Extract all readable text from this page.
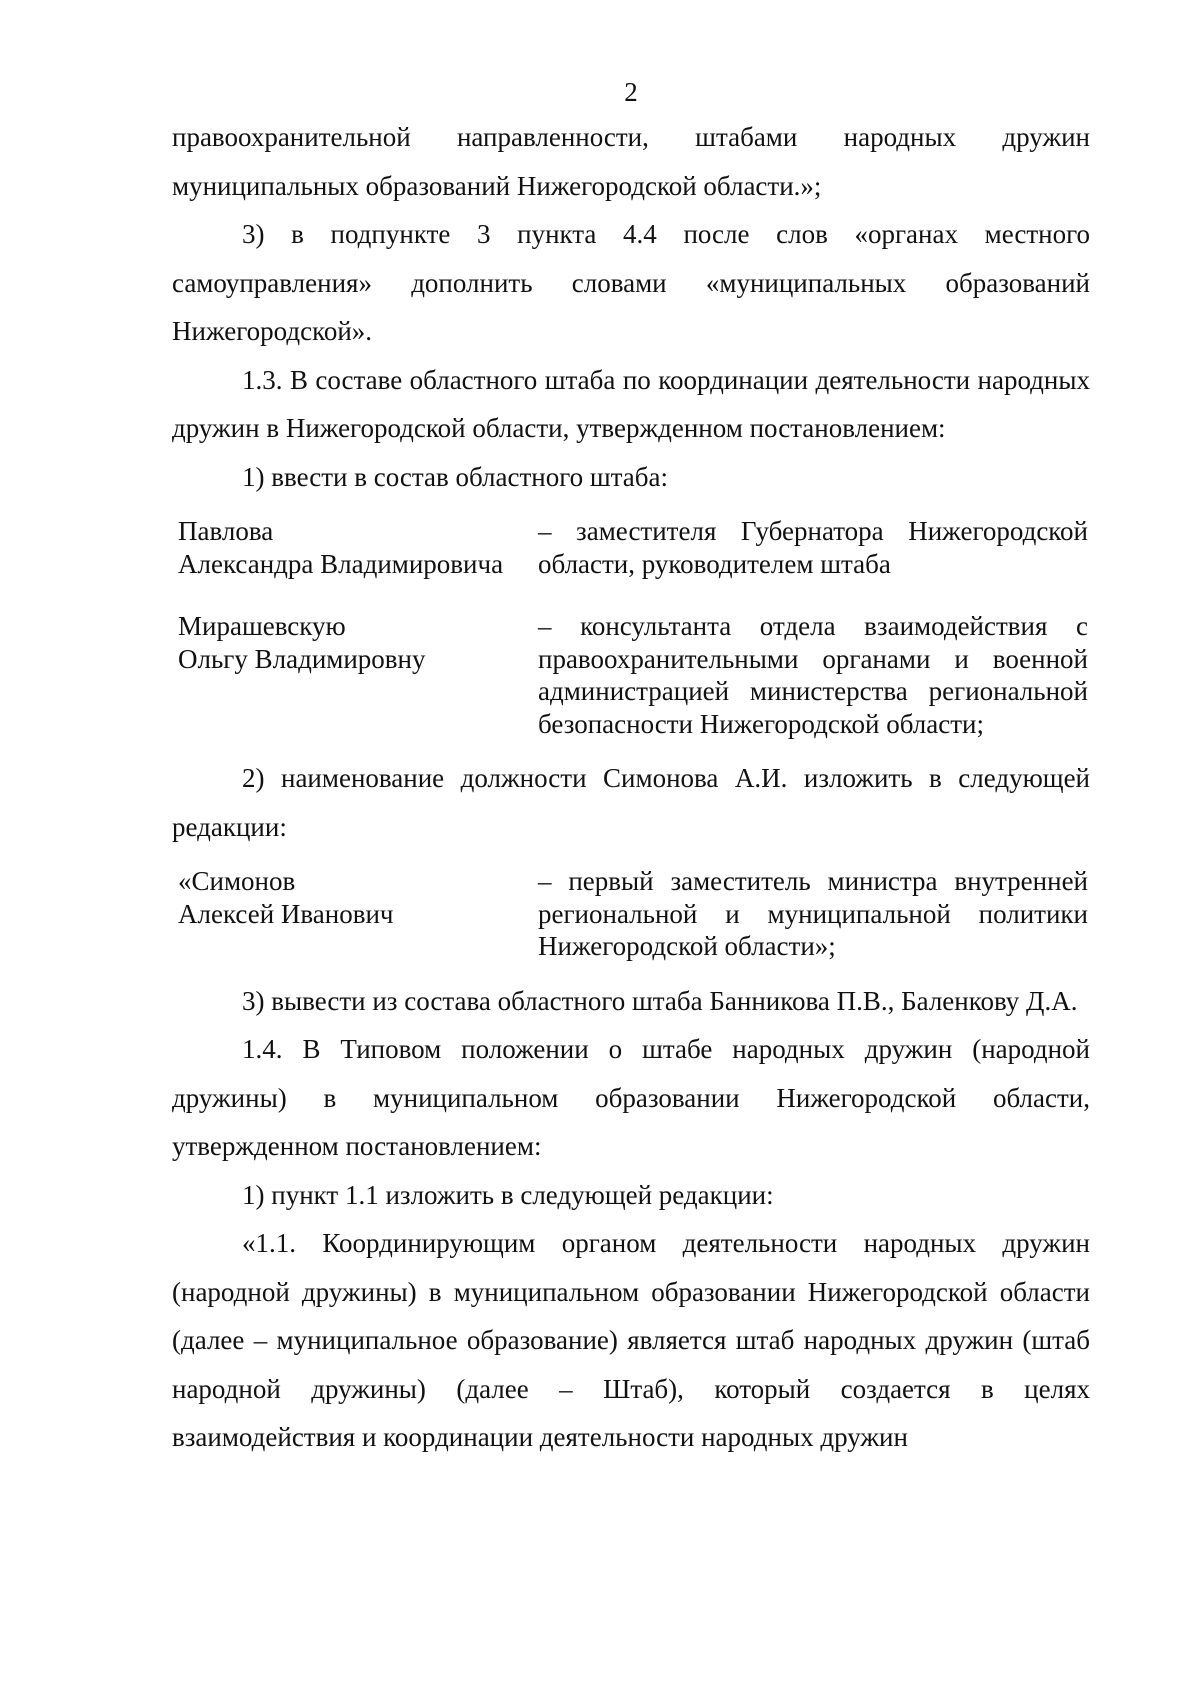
2

правоохранительной направленности, штабами народных дружин муниципальных образований Нижегородской области.»;

3) в подпункте 3 пункта 4.4 после слов «органах местного самоуправления» дополнить словами «муниципальных образований Нижегородской».

1.3. В составе областного штаба по координации деятельности народных дружин в Нижегородской области, утвержденном постановлением:

1) ввести в состав областного штаба:

Павлова
Александра Владимировича
– заместителя Губернатора Нижегородской области, руководителем штаба
Мирашевскую
Ольгу Владимировну
– консультанта отдела взаимодействия с правоохранительными органами и военной администрацией министерства региональной безопасности Нижегородской области;

2) наименование должности Симонова А.И. изложить в следующей редакции:

«Симонов
Алексей Иванович
– первый заместитель министра внутренней региональной и муниципальной политики Нижегородской области»;

3) вывести из состава областного штаба Банникова П.В., Баленкову Д.А.

1.4. В Типовом положении о штабе народных дружин (народной дружины) в муниципальном образовании Нижегородской области, утвержденном постановлением:

1) пункт 1.1 изложить в следующей редакции:

«1.1. Координирующим органом деятельности народных дружин (народной дружины) в муниципальном образовании Нижегородской области (далее – муниципальное образование) является штаб народных дружин (штаб народной дружины) (далее – Штаб), который создается в целях взаимодействия и координации деятельности народных дружин
